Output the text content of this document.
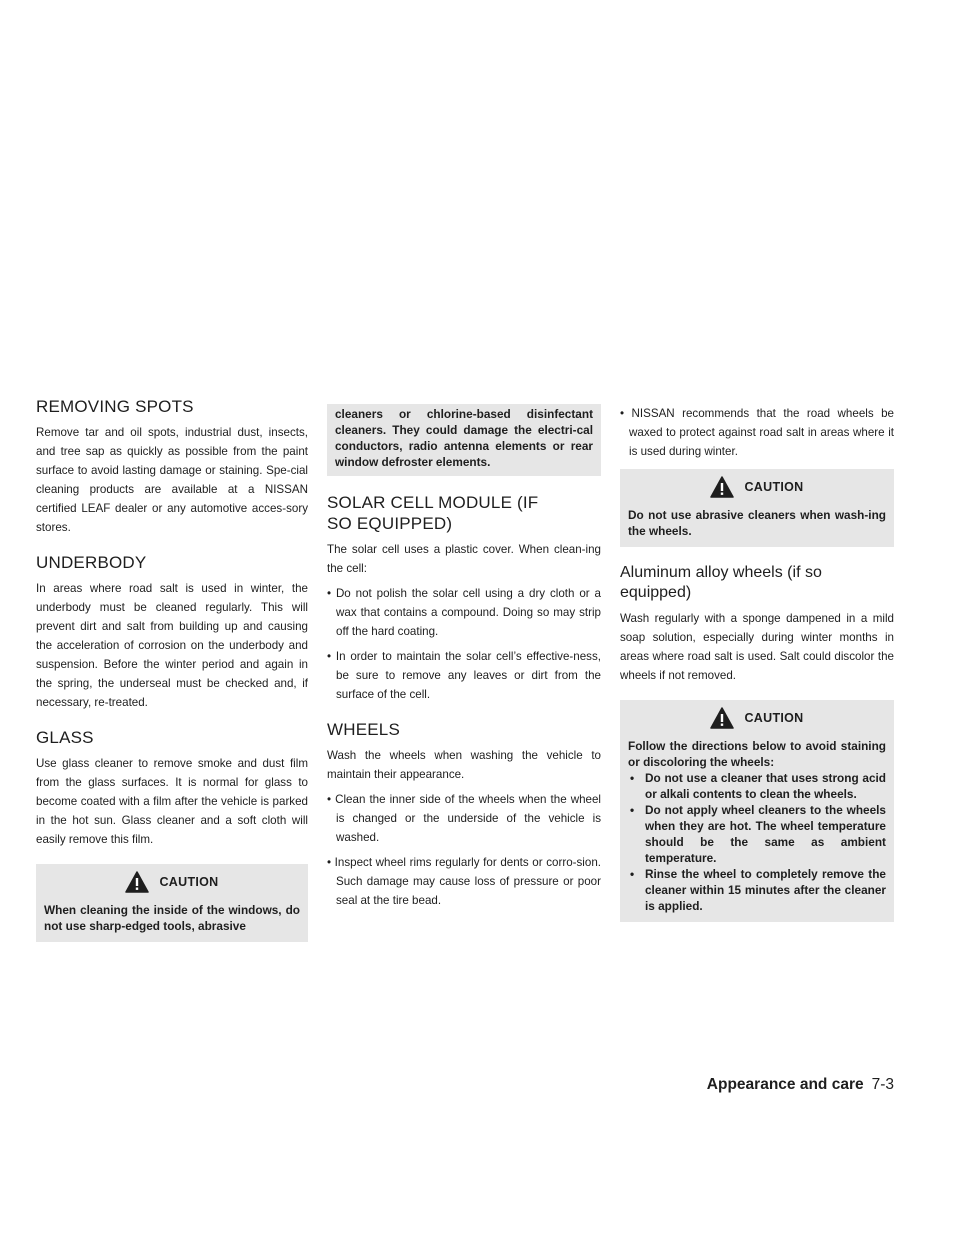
REMOVING SPOTS

Remove tar and oil spots, industrial dust, insects, and tree sap as quickly as possible from the paint surface to avoid lasting damage or staining. Spe-cial cleaning products are available at a NISSAN certified LEAF dealer or any automotive acces-sory stores.

UNDERBODY

In areas where road salt is used in winter, the underbody must be cleaned regularly. This will prevent dirt and salt from building up and causing the acceleration of corrosion on the underbody and suspension. Before the winter period and again in the spring, the underseal must be checked and, if necessary, re-treated.

GLASS

Use glass cleaner to remove smoke and dust film from the glass surfaces. It is normal for glass to become coated with a film after the vehicle is parked in the hot sun. Glass cleaner and a soft cloth will easily remove this film.

CAUTION
When cleaning the inside of the windows, do not use sharp-edged tools, abrasive
cleaners or chlorine-based disinfectant cleaners. They could damage the electri-cal conductors, radio antenna elements or rear window defroster elements.
SOLAR CELL MODULE (IF SO EQUIPPED)

The solar cell uses a plastic cover. When clean-ing the cell:

• Do not polish the solar cell using a dry cloth or a wax that contains a compound. Doing so may strip off the hard coating.
• In order to maintain the solar cell’s effective-ness, be sure to remove any leaves or dirt from the surface of the cell.
WHEELS

Wash the wheels when washing the vehicle to maintain their appearance.

• Clean the inner side of the wheels when the wheel is changed or the underside of the vehicle is washed.
• Inspect wheel rims regularly for dents or corro-sion. Such damage may cause loss of pressure or poor seal at the tire bead.
• NISSAN recommends that the road wheels be waxed to protect against road salt in areas where it is used during winter.
CAUTION
Do not use abrasive cleaners when wash-ing the wheels.
Aluminum alloy wheels (if so equipped)

Wash regularly with a sponge dampened in a mild soap solution, especially during winter months in areas where road salt is used. Salt could discolor the wheels if not removed.

CAUTION
Follow the directions below to avoid staining or discoloring the wheels:
• Do not use a cleaner that uses strong acid or alkali contents to clean the wheels.
• Do not apply wheel cleaners to the wheels when they are hot. The wheel temperature should be the same as ambient temperature.
• Rinse the wheel to completely remove the cleaner within 15 minutes after the cleaner is applied.
Appearance and care 7-3
